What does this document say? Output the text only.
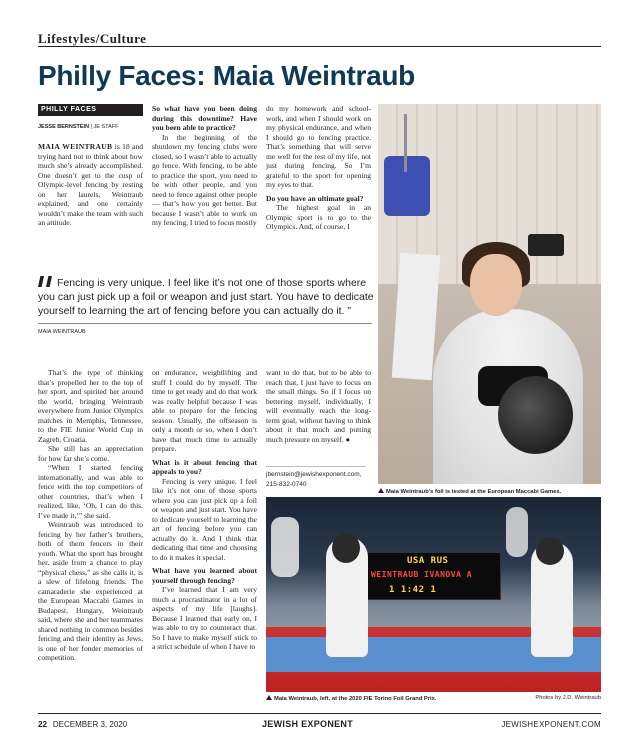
Lifestyles/Culture
Philly Faces: Maia Weintraub
PHILLY FACES
JESSE BERNSTEIN | JE STAFF

MAIA WEINTRAUB is 18 and trying hard not to think about how much she’s already accomplished. One doesn’t get to the cusp of Olympic-level fencing by resting on her laurels, Weintraub explained, and one certainly wouldn’t make the team with such an attitude.

So what have you been doing during this downtime? Have you been able to practice?

In the beginning of the shutdown my fencing clubs were closed, so I wasn’t able to actually go fence. With fencing, to be able to practice the sport, you need to be with other people, and you need to fence against other people — that’s how you get better. But because I wasn’t able to work on my fencing, I tried to focus mostly

do my homework and school-work, and when I should work on my physical endurance, and when I should go to fencing practice. That’s something that will serve me well for the rest of my life, not just during fencing. So I’m grateful to the sport for opening my eyes to that.

Do you have an ultimate goal?

The highest goal in an Olympic sport is to go to the Olympics. And, of course, I

Fencing is very unique. I feel like it’s not one of those sports where you can just pick up a foil or weapon and just start. You have to dedicate yourself to learning the art of fencing before you can actually do it. ”
MAIA WEINTRAUB

That’s the type of thinking that’s propelled her to the top of her sport, and spirited her around the world, bringing Weintraub everywhere from Junior Olympics matches in Memphis, Tennessee, to the FIE Junior World Cup in Zagreb, Croatia.

She still has an appreciation for how far she’s come.

“When I started fencing internationally, and was able to fence with the top competitors of other countries, that’s when I realized, like, ‘Oh, I can do this. I’ve made it,’” she said.

Weintraub was introduced to fencing by her father’s brothers, both of them fencers in their youth. What the sport has brought her, aside from a chance to play “physical chess,” as she calls it, is a slew of lifelong friends. The camaraderie she experienced at the European Maccabi Games in Budapest, Hungary, Weintraub said, where she and her teammates shared nothing in common besides fencing and their identity as Jews, is one of her fonder memories of competition.

on endurance, weightlifting and stuff I could do by myself. The time to get ready and do that work was really helpful because I was able to prepare for the fencing season. Usually, the offseason is only a month or so, when I don’t have that much time to actually prepare.

What is it about fencing that appeals to you?

Fencing is very unique. I feel like it’s not one of those sports where you can just pick up a foil or weapon and just start. You have to dedicate yourself to learning the art of fencing before you can actually do it. And I think that dedicating that time and choosing to do it makes it special.

What have you learned about yourself through fencing?

I’ve learned that I am very much a procrastinator in a lot of aspects of my life [laughs]. Because I learned that early on, I was able to try to counteract that. So I have to make myself stick to a strict schedule of when I have to

want to do that, but to be able to reach that, I just have to focus on the small things. So if I focus on bettering myself, individually, I will eventually reach the long-term goal, without having to think about it that much and putting much pressure on myself. ●

jbernstein@jewishexponent.com,
215-832-0740
Maia Weintraub’s foil is tested at the European Maccabi Games.
USA RUS
WEINTRAUB IVANOVA A
1 1:42 1
Maia Weintraub, left, at the 2020 FIE Torino Foil Grand Prix.	Photos by J.D. Weintraub
22 DECEMBER 3, 2020	JEWISH EXPONENT	JEWISHEXPONENT.COM
